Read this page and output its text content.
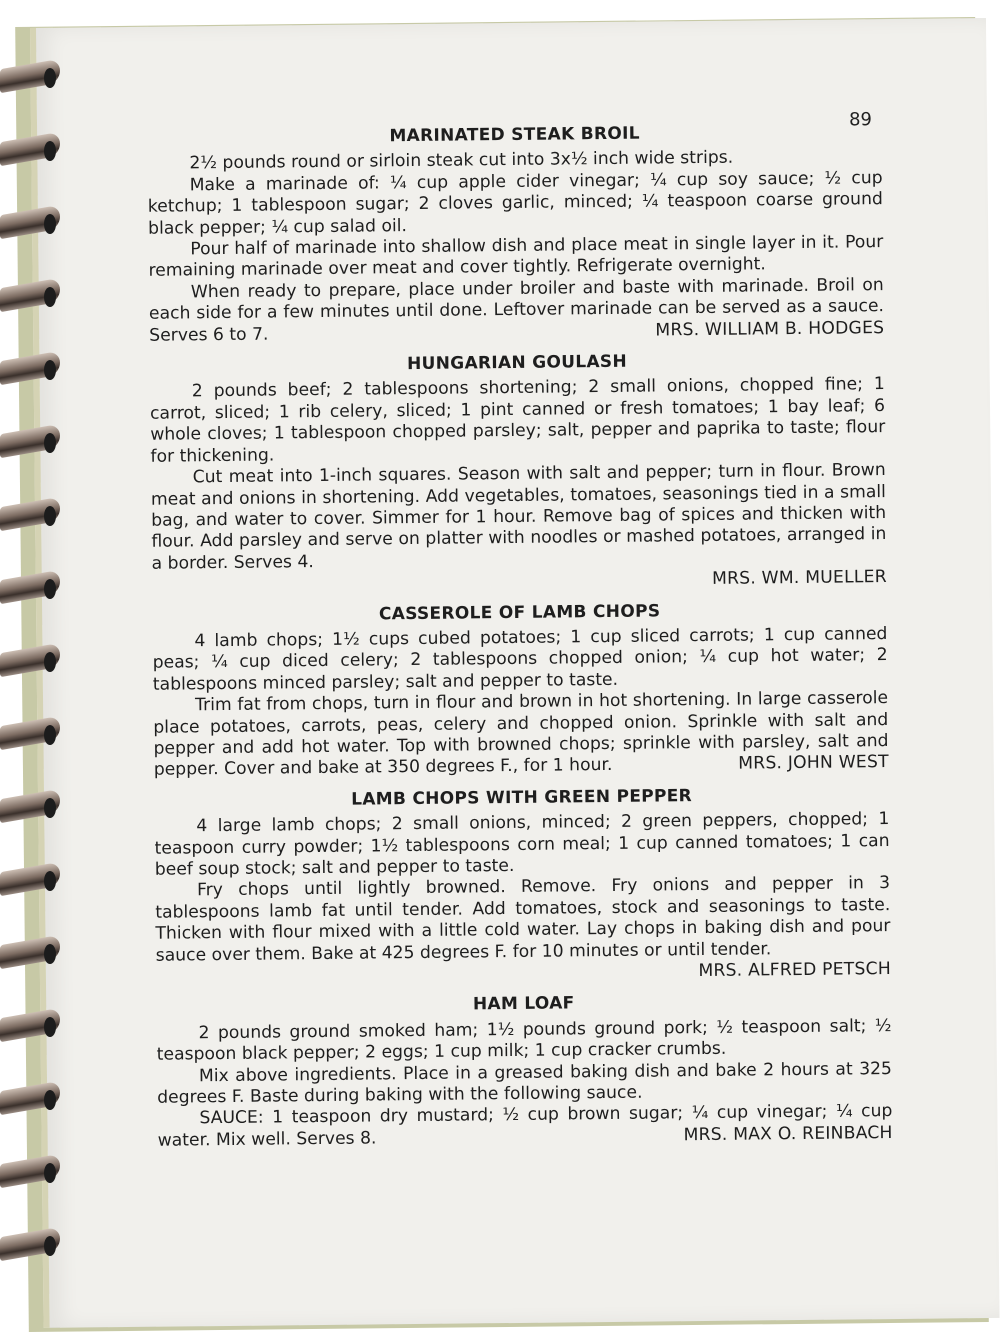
89
MARINATED STEAK BROIL

2½ pounds round or sirloin steak cut into 3x½ inch wide strips.

Make a marinade of: ¼ cup apple cider vinegar; ¼ cup soy sauce; ½ cup ketchup; 1 tablespoon sugar; 2 cloves garlic, minced; ¼ teaspoon coarse ground black pepper; ¼ cup salad oil.

Pour half of marinade into shallow dish and place meat in single layer in it. Pour remaining marinade over meat and cover tightly. Refrigerate overnight.

When ready to prepare, place under broiler and baste with marinade. Broil on each side for a few minutes until done. Leftover marinade can be served as a sauce. Serves 6 to 7.	MRS. WILLIAM B. HODGES

HUNGARIAN GOULASH

2 pounds beef; 2 tablespoons shortening; 2 small onions, chopped fine; 1 carrot, sliced; 1 rib celery, sliced; 1 pint canned or fresh tomatoes; 1 bay leaf; 6 whole cloves; 1 tablespoon chopped parsley; salt, pepper and paprika to taste; flour for thickening.

Cut meat into 1-inch squares. Season with salt and pepper; turn in flour. Brown meat and onions in shortening. Add vegetables, tomatoes, seasonings tied in a small bag, and water to cover. Simmer for 1 hour. Remove bag of spices and thicken with flour. Add parsley and serve on platter with noodles or mashed potatoes, arranged in a border. Serves 4.

MRS. WM. MUELLER

CASSEROLE OF LAMB CHOPS

4 lamb chops; 1½ cups cubed potatoes; 1 cup sliced carrots; 1 cup canned peas; ¼ cup diced celery; 2 tablespoons chopped onion; ¼ cup hot water; 2 tablespoons minced parsley; salt and pepper to taste.

Trim fat from chops, turn in flour and brown in hot shortening. In large casserole place potatoes, carrots, peas, celery and chopped onion. Sprinkle with salt and pepper and add hot water. Top with browned chops; sprinkle with parsley, salt and pepper. Cover and bake at 350 degrees F., for 1 hour.	MRS. JOHN WEST

LAMB CHOPS WITH GREEN PEPPER

4 large lamb chops; 2 small onions, minced; 2 green peppers, chopped; 1 teaspoon curry powder; 1½ tablespoons corn meal; 1 cup canned tomatoes; 1 can beef soup stock; salt and pepper to taste.

Fry chops until lightly browned. Remove. Fry onions and pepper in 3 tablespoons lamb fat until tender. Add tomatoes, stock and seasonings to taste. Thicken with flour mixed with a little cold water. Lay chops in baking dish and pour sauce over them. Bake at 425 degrees F. for 10 minutes or until tender.
MRS. ALFRED PETSCH

HAM LOAF

2 pounds ground smoked ham; 1½ pounds ground pork; ½ teaspoon salt; ½ teaspoon black pepper; 2 eggs; 1 cup milk; 1 cup cracker crumbs.

Mix above ingredients. Place in a greased baking dish and bake 2 hours at 325 degrees F. Baste during baking with the following sauce.

SAUCE: 1 teaspoon dry mustard; ½ cup brown sugar; ¼ cup vinegar; ¼ cup water. Mix well. Serves 8.	MRS. MAX O. REINBACH
